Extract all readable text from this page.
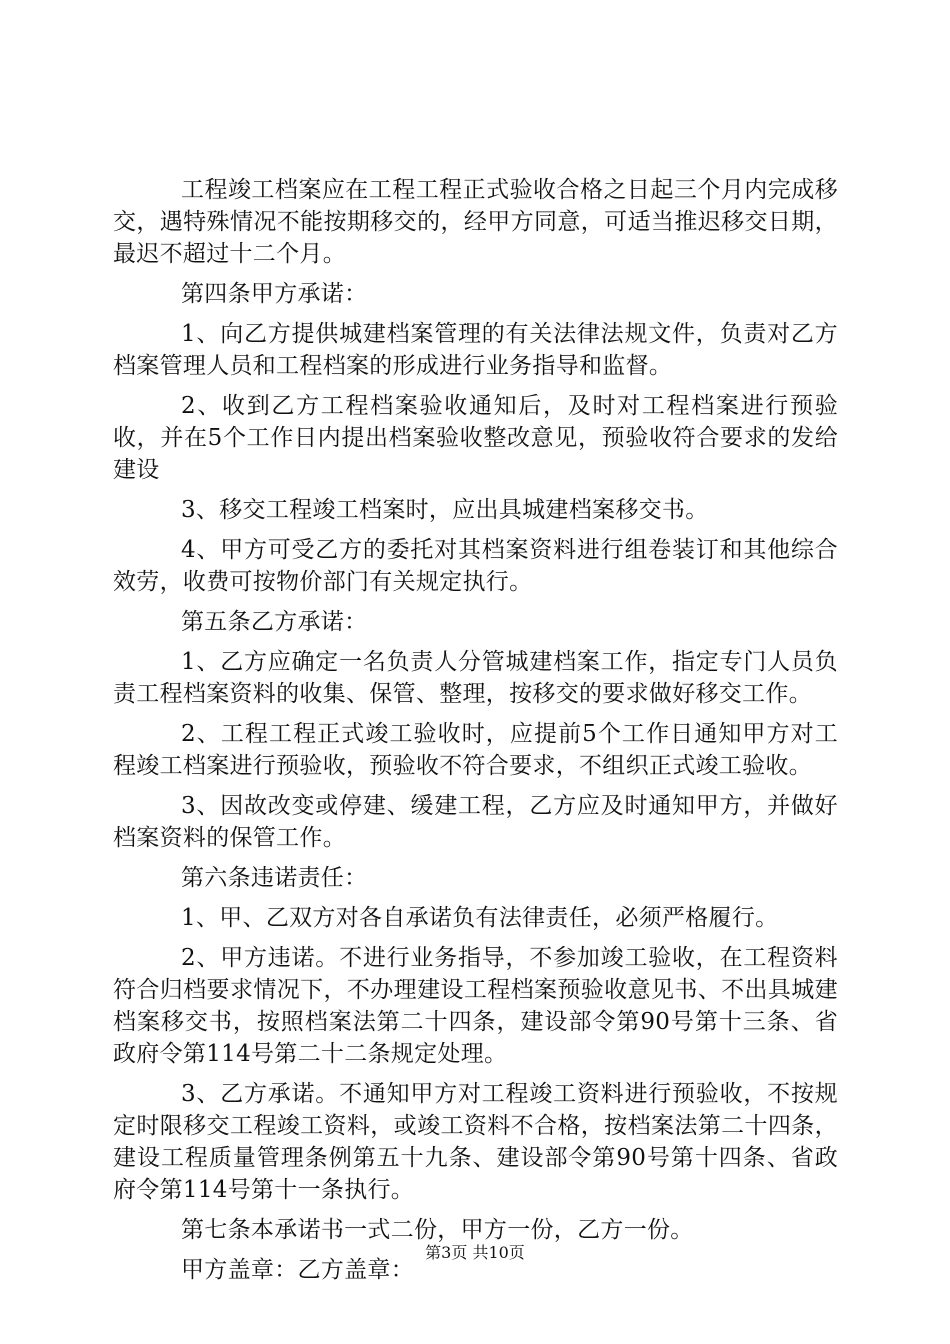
工程竣工档案应在工程工程正式验收合格之日起三个月内完成移交，遇特殊情况不能按期移交的，经甲方同意，可适当推迟移交日期，最迟不超过十二个月。

第四条甲方承诺：

1、向乙方提供城建档案管理的有关法律法规文件，负责对乙方档案管理人员和工程档案的形成进行业务指导和监督。

2、收到乙方工程档案验收通知后，及时对工程档案进行预验收，并在5个工作日内提出档案验收整改意见，预验收符合要求的发给建设

3、移交工程竣工档案时，应出具城建档案移交书。

4、甲方可受乙方的委托对其档案资料进行组卷装订和其他综合效劳，收费可按物价部门有关规定执行。

第五条乙方承诺：

1、乙方应确定一名负责人分管城建档案工作，指定专门人员负责工程档案资料的收集、保管、整理，按移交的要求做好移交工作。

2、工程工程正式竣工验收时，应提前5个工作日通知甲方对工程竣工档案进行预验收，预验收不符合要求，不组织正式竣工验收。

3、因故改变或停建、缓建工程，乙方应及时通知甲方，并做好档案资料的保管工作。

第六条违诺责任：

1、甲、乙双方对各自承诺负有法律责任，必须严格履行。

2、甲方违诺。不进行业务指导，不参加竣工验收，在工程资料符合归档要求情况下，不办理建设工程档案预验收意见书、不出具城建档案移交书，按照档案法第二十四条，建设部令第90号第十三条、省政府令第114号第二十二条规定处理。

3、乙方承诺。不通知甲方对工程竣工资料进行预验收，不按规定时限移交工程竣工资料，或竣工资料不合格，按档案法第二十四条，建设工程质量管理条例第五十九条、建设部令第90号第十四条、省政府令第114号第十一条执行。

第七条本承诺书一式二份，甲方一份，乙方一份。

甲方盖章：乙方盖章：

第3页 共10页
